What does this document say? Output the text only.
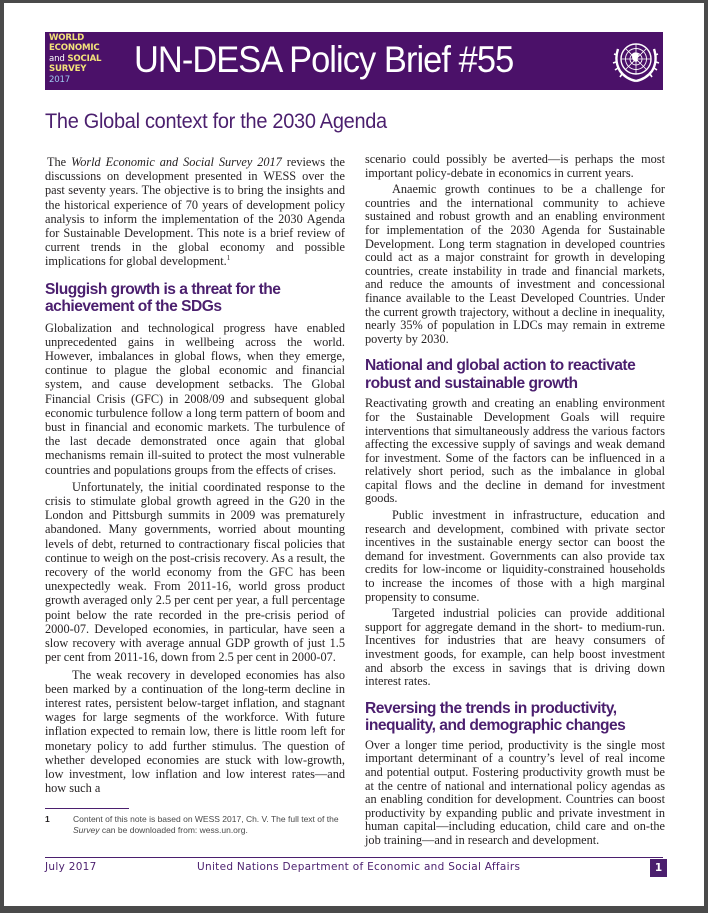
WORLD
ECONOMIC
and SOCIAL
SURVEY
2017	UN-DESA Policy Brief #55
The Global context for the 2030 Agenda

The World Economic and Social Survey 2017 reviews the discussions on development presented in WESS over the past seventy years. The objective is to bring the insights and the historical experience of 70 years of development policy analysis to inform the implementation of the 2030 Agenda for Sustainable Development. This note is a brief review of current trends in the global economy and possible implications for global development.$^1$

Sluggish growth is a threat for the achievement of the SDGs

Globalization and technological progress have enabled unprecedented gains in wellbeing across the world. However, imbalances in global flows, when they emerge, continue to plague the global economic and financial system, and cause development setbacks. The Global Financial Crisis (GFC) in 2008/09 and subsequent global economic turbulence follow a long term pattern of boom and bust in financial and economic markets. The turbulence of the last decade demonstrated once again that global mechanisms remain ill-suited to protect the most vulnerable countries and populations groups from the effects of crises.

Unfortunately, the initial coordinated response to the crisis to stimulate global growth agreed in the G20 in the London and Pittsburgh summits in 2009 was prematurely abandoned. Many governments, worried about mounting levels of debt, returned to contractionary fiscal policies that continue to weigh on the post-crisis recovery. As a result, the recovery of the world economy from the GFC has been unexpectedly weak. From 2011-16, world gross product growth averaged only 2.5 per cent per year, a full percentage point below the rate recorded in the pre-crisis period of 2000-07. Developed economies, in particular, have seen a slow recovery with average annual GDP growth of just 1.5 per cent from 2011-16, down from 2.5 per cent in 2000-07.

The weak recovery in developed economies has also been marked by a continuation of the long-term decline in interest rates, persistent below-target inflation, and stagnant wages for large segments of the workforce. With future inflation expected to remain low, there is little room left for monetary policy to add further stimulus. The question of whether developed economies are stuck with low-growth, low investment, low inflation and low interest rates—and how such a

scenario could possibly be averted—is perhaps the most important policy-debate in economics in current years.

Anaemic growth continues to be a challenge for countries and the international community to achieve sustained and robust growth and an enabling environment for implementation of the 2030 Agenda for Sustainable Development. Long term stagnation in developed countries could act as a major constraint for growth in developing countries, create instability in trade and financial markets, and reduce the amounts of investment and concessional finance available to the Least Developed Countries. Under the current growth trajectory, without a decline in inequality, nearly 35% of population in LDCs may remain in extreme poverty by 2030.

National and global action to reactivate robust and sustainable growth

Reactivating growth and creating an enabling environment for the Sustainable Development Goals will require interventions that simultaneously address the various factors affecting the excessive supply of savings and weak demand for investment. Some of the factors can be influenced in a relatively short period, such as the imbalance in global capital flows and the decline in demand for investment goods.

Public investment in infrastructure, education and research and development, combined with private sector incentives in the sustainable energy sector can boost the demand for investment. Governments can also provide tax credits for low-income or liquidity-constrained households to increase the incomes of those with a high marginal propensity to consume.

Targeted industrial policies can provide additional support for aggregate demand in the short- to medium-run. Incentives for industries that are heavy consumers of investment goods, for example, can help boost investment and absorb the excess in savings that is driving down interest rates.

Reversing the trends in productivity, inequality, and demographic changes

Over a longer time period, productivity is the single most important determinant of a country’s level of real income and potential output. Fostering productivity growth must be at the centre of national and international policy agendas as an enabling condition for development. Countries can boost productivity by expanding public and private investment in human capital—including education, child care and on-the job training—and in research and development.

1	Content of this note is based on WESS 2017, Ch. V. The full text of the Survey can be downloaded from: wess.un.org.
July 2017	United Nations Department of Economic and Social Affairs	1
